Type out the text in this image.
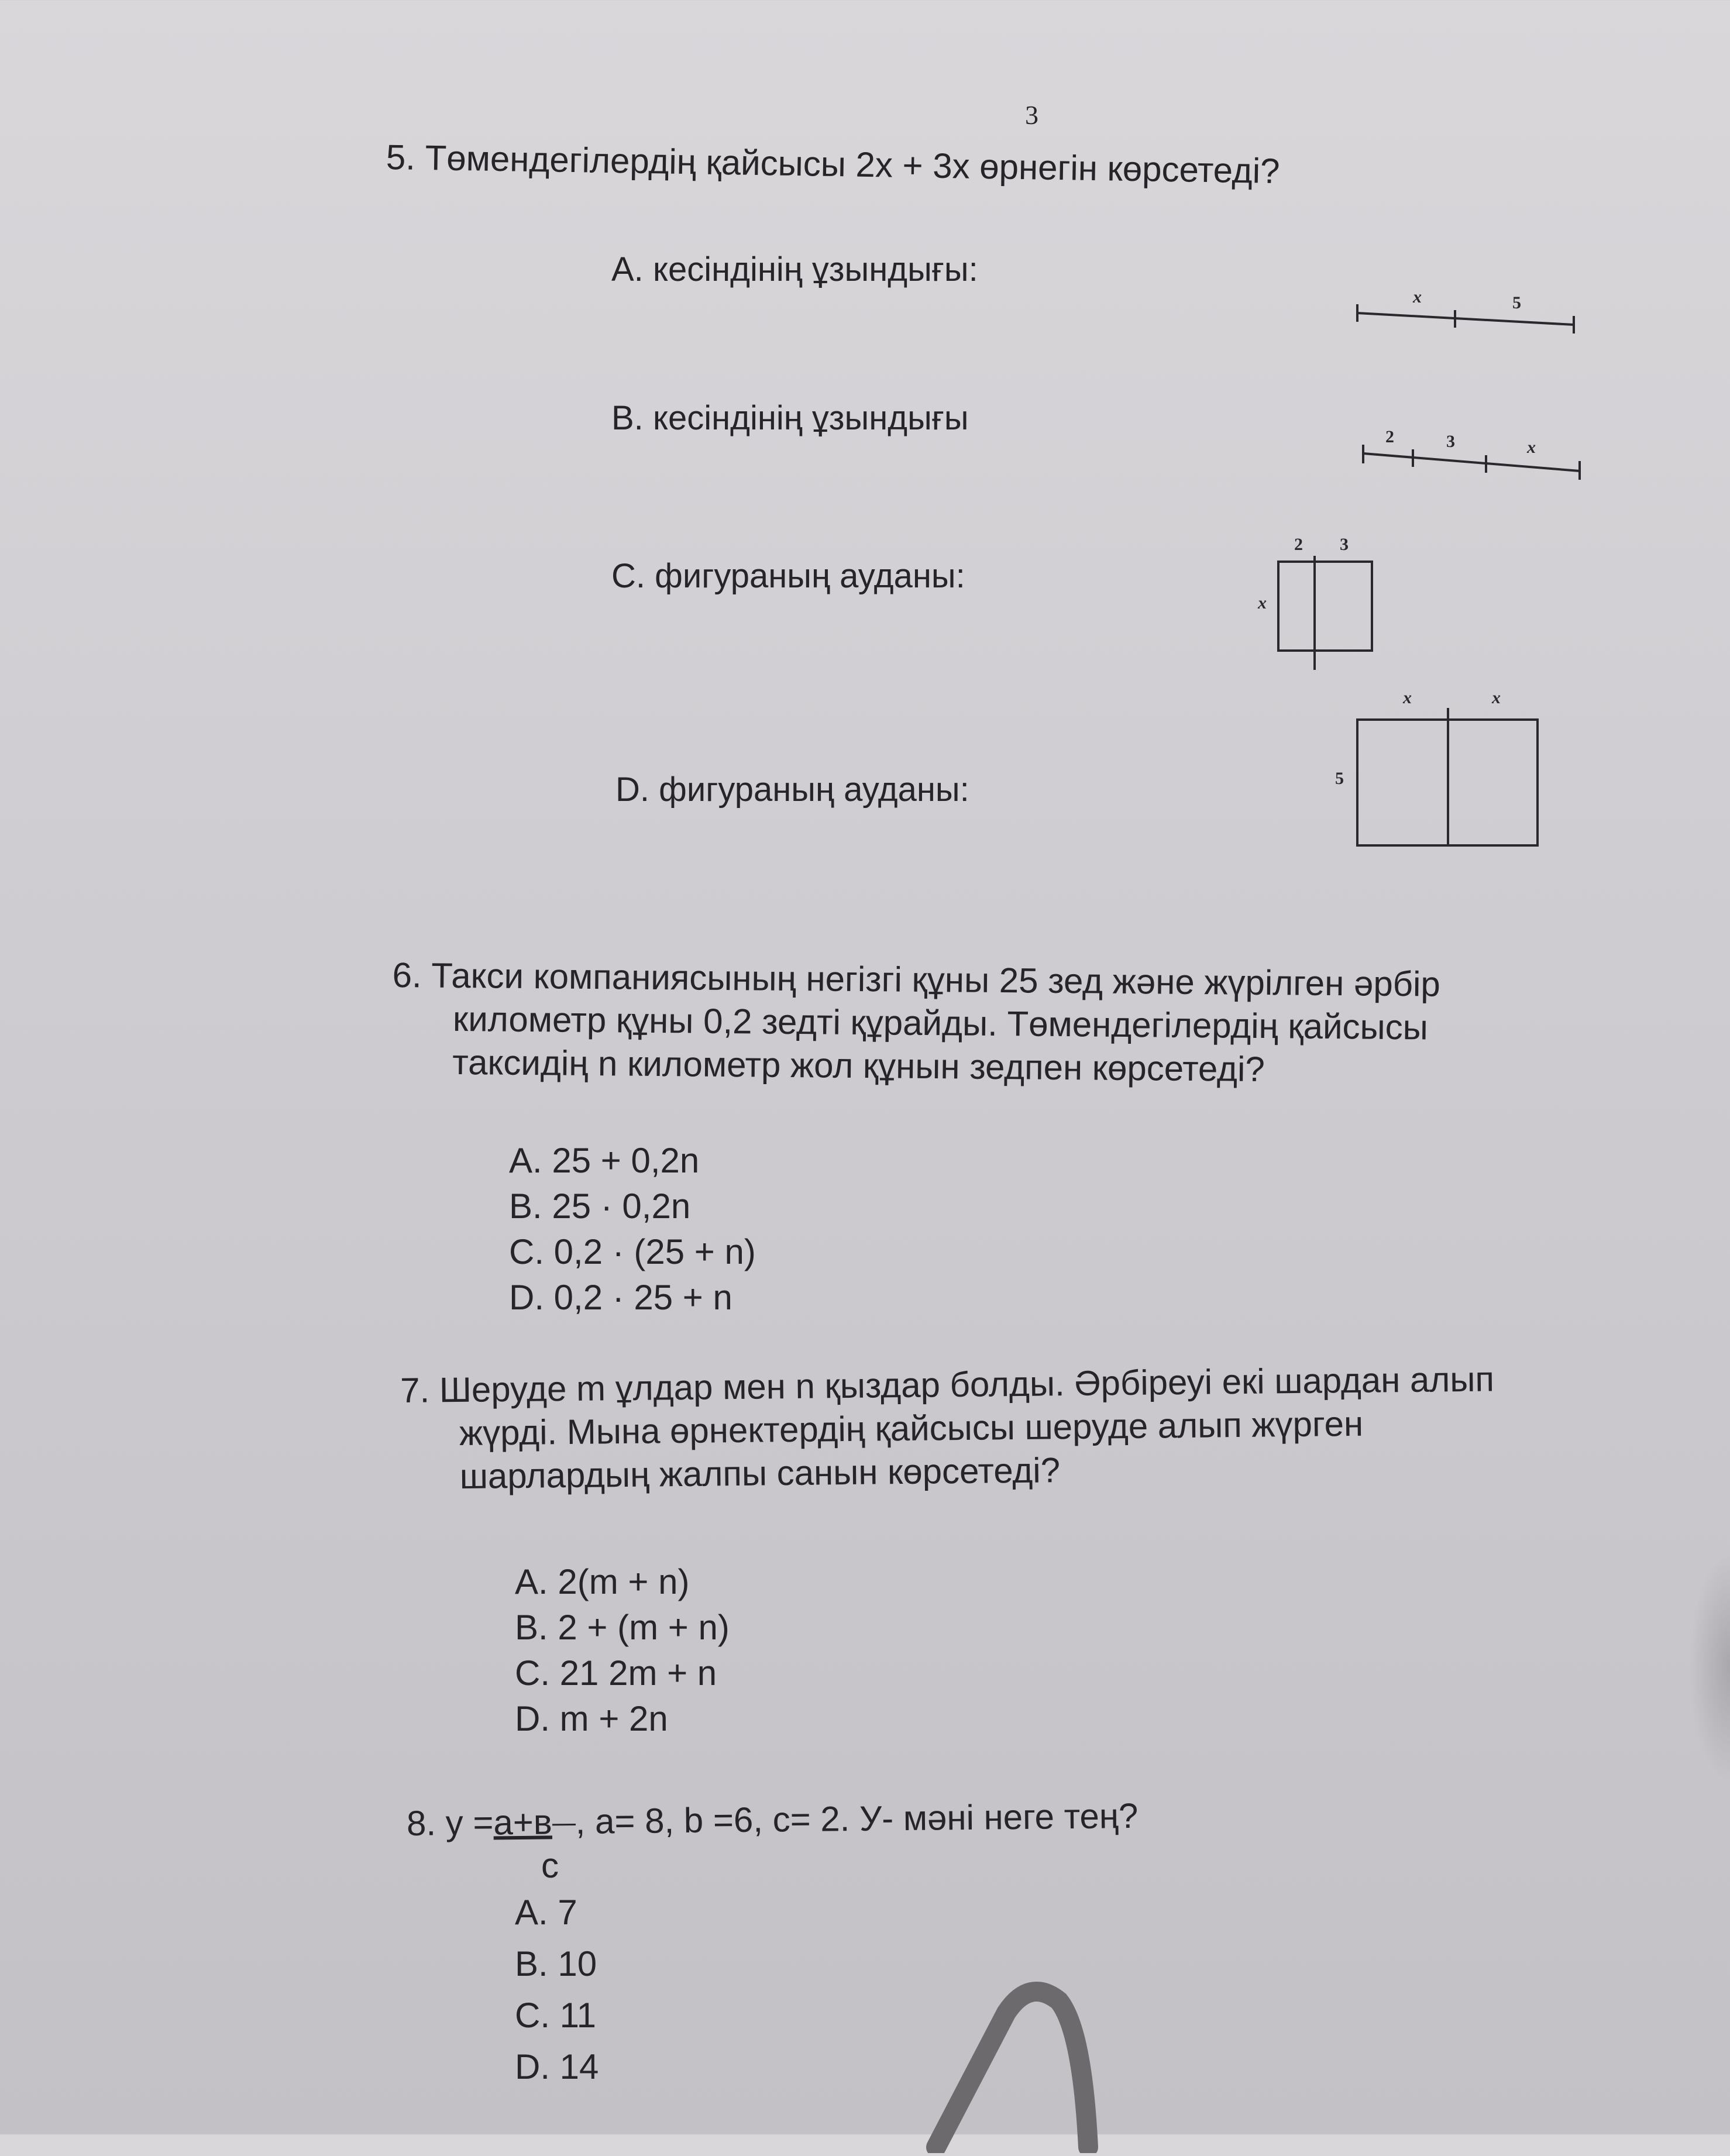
3
5. Төмендегілердің қайсысы 2х + 3х өрнегін көрсетеді?
A. кесіндінің ұзындығы:
B. кесіндінің ұзындығы
C. фигураның ауданы:
D. фигураның ауданы:
x	5
2	3	x
2 3
x
x	x
5
6. Такси компаниясының негізгі құны 25 зед және жүрілген әрбір
километр құны 0,2 зедті құрайды. Төмендегілердің қайсысы
таксидің n километр жол құнын зедпен көрсетеді?
A. 25 + 0,2n
B. 25 · 0,2n
C. 0,2 · (25 + n)
D. 0,2 · 25 + n
7. Шеруде m ұлдар мен n қыздар болды. Әрбіреуі екі шардан алып
жүрді. Мына өрнектердің қайсысы шеруде алып жүрген
шарлардың жалпы санын көрсетеді?
A. 2(m + n)
B. 2 + (m + n)
C. 21 2m + n
D. m + 2n
8. y =a+в , a= 8, b =6, c= 2. У- мәні неге тең?
c
A. 7
B. 10
C. 11
D. 14
